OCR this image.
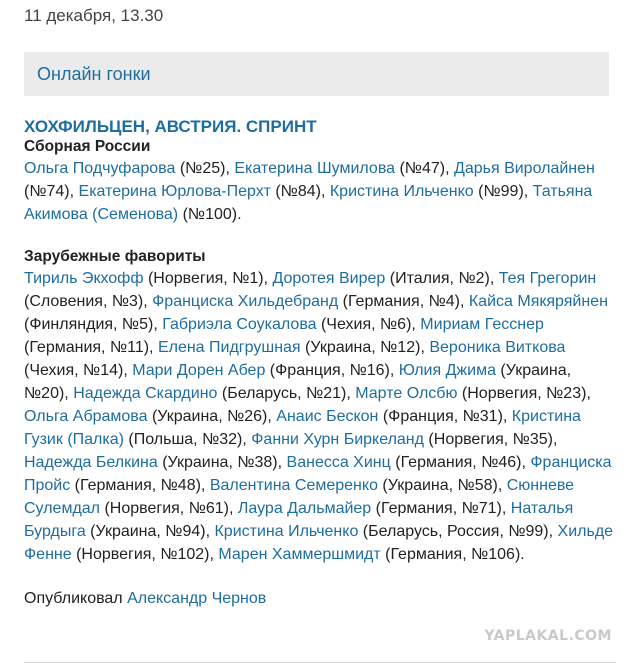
11 декабря, 13.30
Онлайн гонки
ХОХФИЛЬЦЕН, АВСТРИЯ. СПРИНТ
Сборная России

Ольга Подчуфарова (№25), Екатерина Шумилова (№47), Дарья Виролайнен (№74), Екатерина Юрлова-Перхт (№84), Кристина Ильченко (№99), Татьяна Акимова (Семенова) (№100).

Зарубежные фавориты

Тириль Экхофф (Норвегия, №1), Доротея Вирер (Италия, №2), Тея Грегорин (Словения, №3), Франциска Хильдебранд (Германия, №4), Кайса Мякяряйнен (Финляндия, №5), Габриэла Соукалова (Чехия, №6), Мириам Гесснер (Германия, №11), Елена Пидгрушная (Украина, №12), Вероника Виткова (Чехия, №14), Мари Дорен Абер (Франция, №16), Юлия Джима (Украина, №20), Надежда Скардино (Беларусь, №21), Марте Олсбю (Норвегия, №23), Ольга Абрамова (Украина, №26), Анаис Бескон (Франция, №31), Кристина Гузик (Палка) (Польша, №32), Фанни Хурн Биркеланд (Норвегия, №35), Надежда Белкина (Украина, №38), Ванесса Хинц (Германия, №46), Франциска Пройс (Германия, №48), Валентина Семеренко (Украина, №58), Сюнневе Сулемдал (Норвегия, №61), Лаура Дальмайер (Германия, №71), Наталья Бурдыга (Украина, №94), Кристина Ильченко (Беларусь, Россия, №99), Хильде Фенне (Норвегия, №102), Марен Хаммершмидт (Германия, №106).

Опубликовал Александр Чернов

YAPLAKAL.COM
